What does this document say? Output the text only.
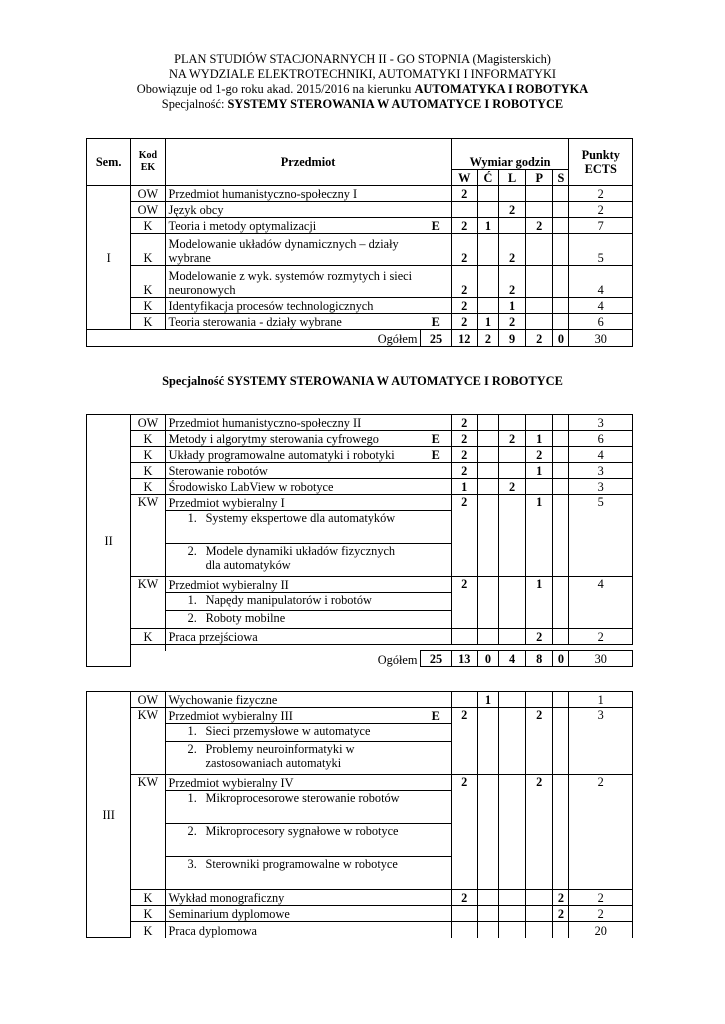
PLAN STUDIÓW STACJONARNYCH II - GO STOPNIA (Magisterskich)
NA WYDZIALE ELEKTROTECHNIKI, AUTOMATYKI I INFORMATYKI
Obowiązuje od 1-go roku akad. 2015/2016 na kierunku AUTOMATYKA I ROBOTYKA
Specjalność: SYSTEMY STEROWANIA W AUTOMATYCE I ROBOTYCE
Sem.	Kod EK	Przedmiot		Wymiar godzin					Punkty ECTS
				W	Ć	L	P	S	
I	OW	Przedmiot humanistyczno-społeczny I		2					2
	OW	Język obcy				2			2
	K	Teoria i metody optymalizacji	E	2	1		2		7
	K	Modelowanie układów dynamicznych – działy wybrane		2		2			5
	K	Modelowanie z wyk. systemów rozmytych i sieci neuronowych		2		2			4
	K	Identyfikacja procesów technologicznych		2		1			4
	K	Teoria sterowania - działy wybrane	E	2	1	2			6
Ogółem			25	12	2	9	2	0	30
Specjalność SYSTEMY STEROWANIA W AUTOMATYCE I ROBOTYCE
II	OW	Przedmiot humanistyczno-społeczny II		2					3
	K	Metody i algorytmy sterowania cyfrowego	E	2		2	1		6
	K	Układy programowalne automatyki i robotyki	E	2			2		4
	K	Sterowanie robotów		2			1		3
	K	Środowisko LabView w robotyce		1		2			3
	KW	Przedmiot wybieralny I		2			1		5
		1. Systemy ekspertowe dla automatyków							
		2. Modele dynamiki układów fizycznych dla automatyków							
	KW	Przedmiot wybieralny II		2			1		4
		1. Napędy manipulatorów i robotów							
		2. Roboty mobilne							
	K	Praca przejściowa					2		2

	Ogółem		25	13	0	4	8	0	30
III	OW	Wychowanie fizyczne			1				1
	KW	Przedmiot wybieralny III	E	2			2		3
		1. Sieci przemysłowe w automatyce							
		2. Problemy neuroinformatyki w zastosowaniach automatyki							
	KW	Przedmiot wybieralny IV		2			2		2
		1. Mikroprocesorowe sterowanie robotów							
		2. Mikroprocesory sygnałowe w robotyce							
		3. Sterowniki programowalne w robotyce							
	K	Wykład monograficzny		2				2	2
	K	Seminarium dyplomowe						2	2
	K	Praca dyplomowa							20
